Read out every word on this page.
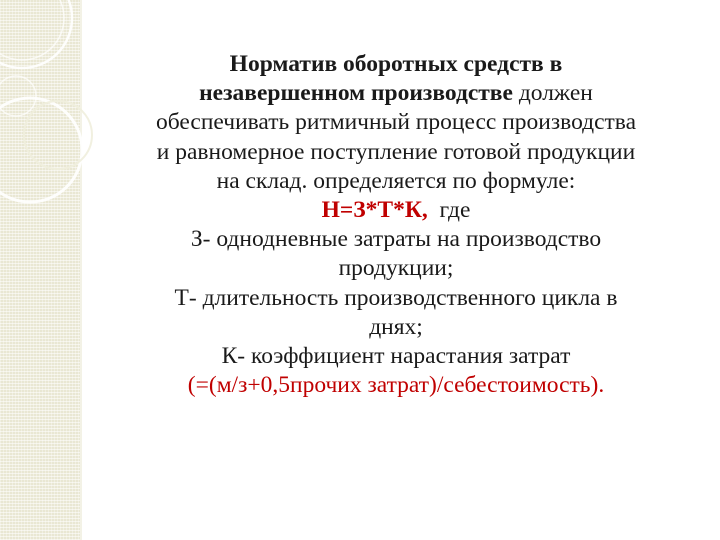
Норматив оборотных средств в
незавершенном производстве должен
обеспечивать ритмичный процесс производства
и равномерное поступление готовой продукции
на склад. определяется по формуле:
Н=З*Т*К,  где
З- однодневные затраты на производство
продукции;
Т- длительность производственного цикла в
днях;
К- коэффициент нарастания затрат
(=(м/з+0,5прочих затрат)/себестоимость).
